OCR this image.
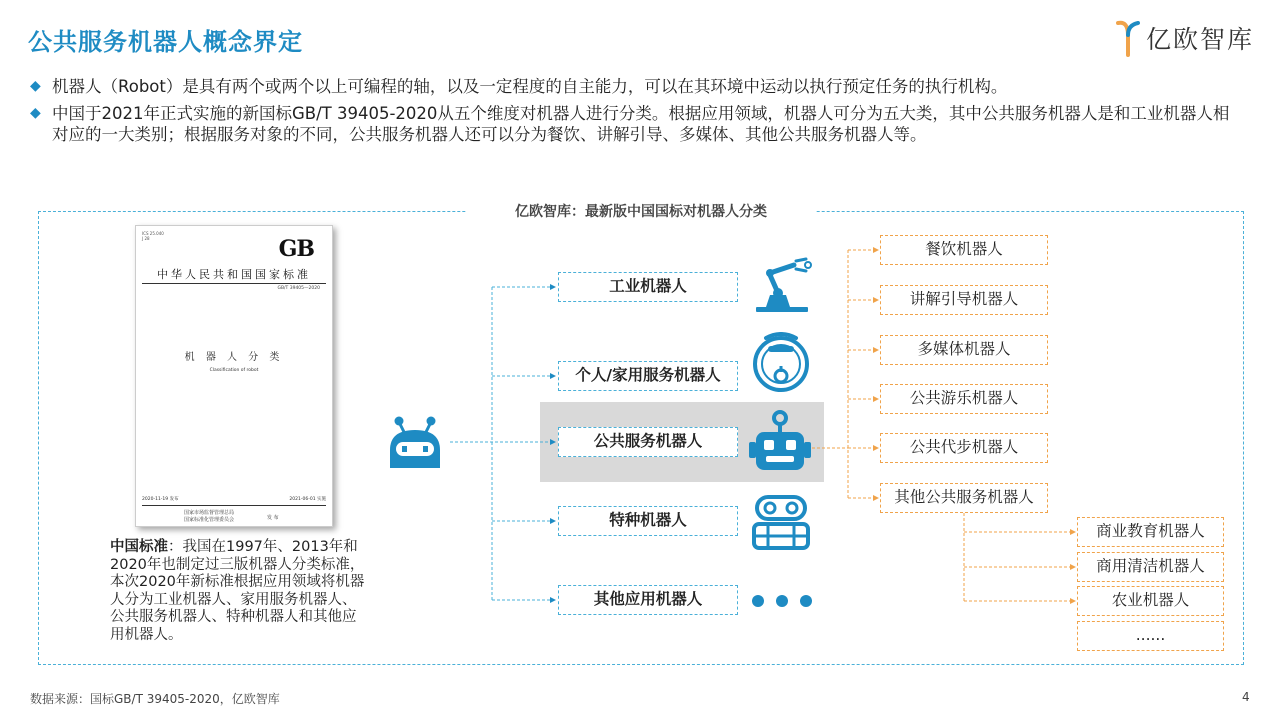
公共服务机器人概念界定	亿欧智库
◆ 机器人（Robot）是具有两个或两个以上可编程的轴，以及一定程度的自主能力，可以在其环境中运动以执行预定任务的执行机构。
◆ 中国于2021年正式实施的新国标GB/T 39405-2020从五个维度对机器人进行分类。根据应用领域，机器人可分为五大类，其中公共服务机器人是和工业机器人相对应的一大类别；根据服务对象的不同，公共服务机器人还可以分为餐饮、讲解引导、多媒体、其他公共服务机器人等。
亿欧智库：最新版中国国标对机器人分类
ICS 25.040
J 28	GB
中华人民共和国国家标准
GB/T 39405—2020
机 器 人 分 类
Classification of robot
2020-11-19 发布	2021-06-01 实施
国家市场监督管理总局
国家标准化管理委员会	发 布
中国标准：我国在1997年、2013年和2020年也制定过三版机器人分类标准，本次2020年新标准根据应用领域将机器人分为工业机器人、家用服务机器人、公共服务机器人、特种机器人和其他应用机器人。
工业机器人
个人/家用服务机器人
公共服务机器人
特种机器人
其他应用机器人
餐饮机器人
讲解引导机器人
多媒体机器人
公共游乐机器人
公共代步机器人
其他公共服务机器人
商业教育机器人
商用清洁机器人
农业机器人
......
数据来源：国标GB/T 39405-2020，亿欧智库	4
